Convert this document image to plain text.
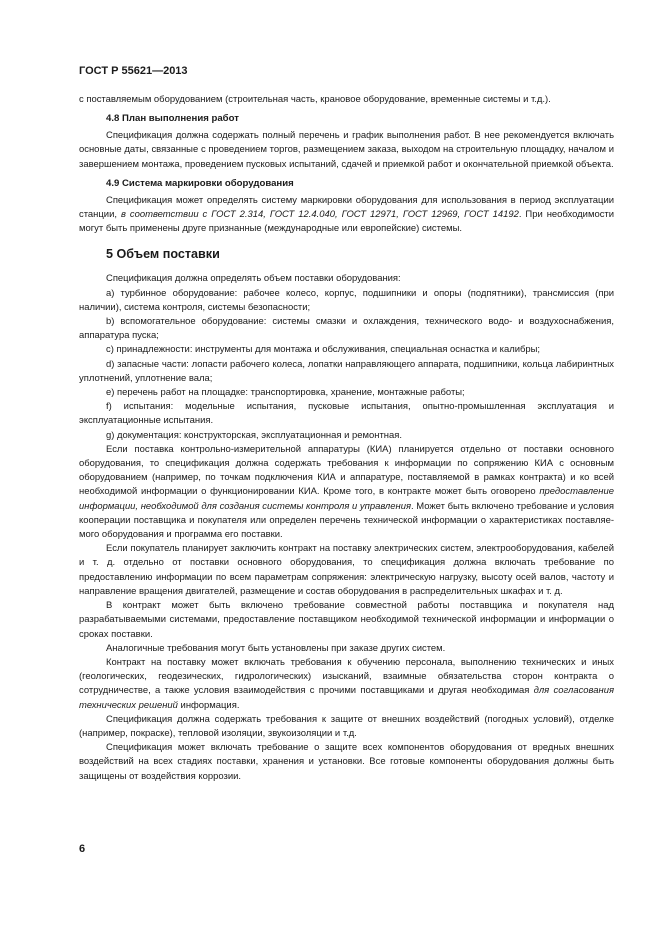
ГОСТ Р 55621—2013

с поставляемым оборудованием (строительная часть, крановое оборудование, временные системы и т.д.).

4.8 План выполнения работ

Спецификация должна содержать полный перечень и график выполнения работ. В нее рекомендуется включать основные даты, связанные с проведением торгов, размещением заказа, выходом на строительную площадку, началом и завершением монтажа, проведением пусковых испытаний, сдачей и приемкой работ и окончательной приемкой объекта.

4.9 Система маркировки оборудования

Спецификация может определять систему маркировки оборудования для использования в период эксплуатации станции, в соответствии с ГОСТ 2.314, ГОСТ 12.4.040, ГОСТ 12971, ГОСТ 12969, ГОСТ 14192. При необходимости могут быть применены друге признанные (международные или европейские) системы.

5 Объем поставки

Спецификация должна определять объем поставки оборудования:

а) турбинное оборудование: рабочее колесо, корпус, подшипники и опоры (подпятники), трансмиссия (при наличии), система контроля, системы безопасности;

b) вспомогательное оборудование: системы смазки и охлаждения, технического водо- и воздухоснабжения, аппаратура пуска;

c) принадлежности: инструменты для монтажа и обслуживания, специальная оснастка и калибры;

d) запасные части: лопасти рабочего колеса, лопатки направляющего аппарата, подшипники, кольца лабиринтных уплотнений, уплотнение вала;

e) перечень работ на площадке: транспортировка, хранение, монтажные работы;

f) испытания: модельные испытания, пусковые испытания, опытно-промышленная эксплуатация и эксплуатационные испытания.

g) документация: конструкторская, эксплуатационная и ремонтная.

Если поставка контрольно-измерительной аппаратуры (КИА) планируется отдельно от поставки основного оборудования, то спецификация должна содержать требования к информации по сопряжению КИА с основным оборудованием (например, по точкам подключения КИА и аппаратуре, поставляемой в рамках контракта) и ко всей необходимой информации о функционировании КИА. Кроме того, в контракте может быть оговорено предоставление информации, необходимой для создания системы контроля и управления. Может быть включено требование и условия кооперации поставщика и покупателя или определен перечень технической информации о характеристиках поставляемого оборудования и программа его поставки.

Если покупатель планирует заключить контракт на поставку электрических систем, электрооборудования, кабелей и т. д. отдельно от поставки основного оборудования, то спецификация должна включать требование по предоставлению информации по всем параметрам сопряжения: электрическую нагрузку, высоту осей валов, частоту и направление вращения двигателей, размещение и состав оборудования в распределительных шкафах и т. д.

В контракт может быть включено требование совместной работы поставщика и покупателя над разрабатываемыми системами, предоставление поставщиком необходимой технической информации и информации о сроках поставки.

Аналогичные требования могут быть установлены при заказе других систем.

Контракт на поставку может включать требования к обучению персонала, выполнению технических и иных (геологических, геодезических, гидрологических) изысканий, взаимные обязательства сторон контракта о сотрудничестве, а также условия взаимодействия с прочими поставщиками и другая необходимая для согласования технических решений информация.

Спецификация должна содержать требования к защите от внешних воздействий (погодных условий), отделке (например, покраске), тепловой изоляции, звукоизоляции и т.д.

Спецификация может включать требование о защите всех компонентов оборудования от вредных внешних воздействий на всех стадиях поставки, хранения и установки. Все готовые компоненты оборудования должны быть защищены от воздействия коррозии.

6
